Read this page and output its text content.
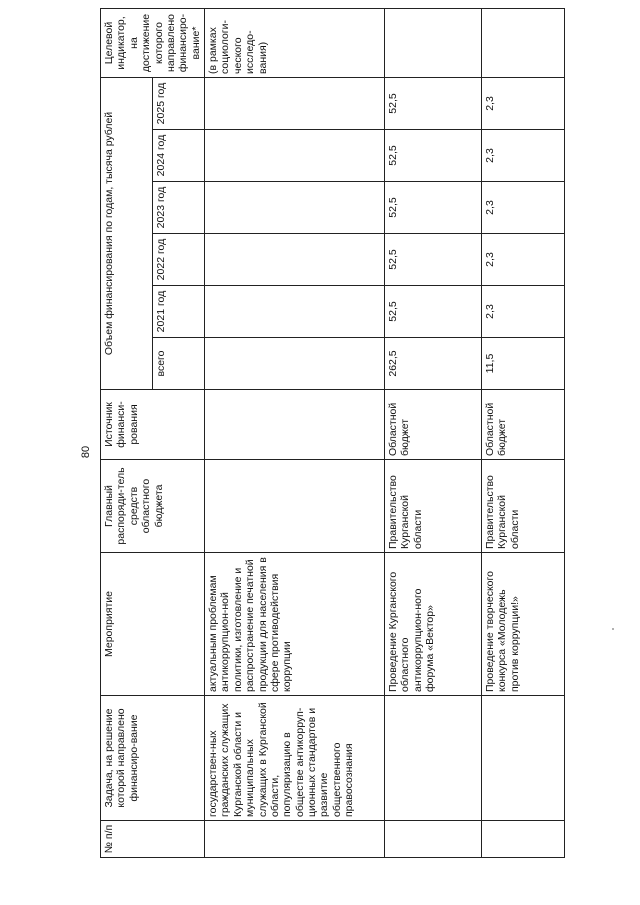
80
№ п/п	Задача, на решение которой направлено финансиро-вание	Мероприятие	Главный распоряди-тель средств областного бюджета	Источник финанси-рования	Объем финансирования по годам, тысяча рублей						Целевой индикатор, на достижение которого направлено финансиро-вание*
					всего	2021 год	2022 год	2023 год	2024 год	2025 год	
	государствен-ных гражданских служащих Курганской области и муниципальных служащих в Курганской области, популяризацию в обществе антикорруп-ционных стандартов и развитие общественного правосознания	актуальным проблемам антикоррупцион-ной политики, изготовление и распространение печатной продукции для населения в сфере противодействия коррупции									(в рамках социологи-ческого исследо-вания)
		Проведение Курганского областного антикоррупцион-ного форума «Вектор»	Правительство Курганской области	Областной бюджет	262,5	52,5	52,5	52,5	52,5	52,5	
		Проведение творческого конкурса «Молодежь против коррупции!»	Правительство Курганской области	Областной бюджет	11,5	2,3	2,3	2,3	2,3	2,3	
